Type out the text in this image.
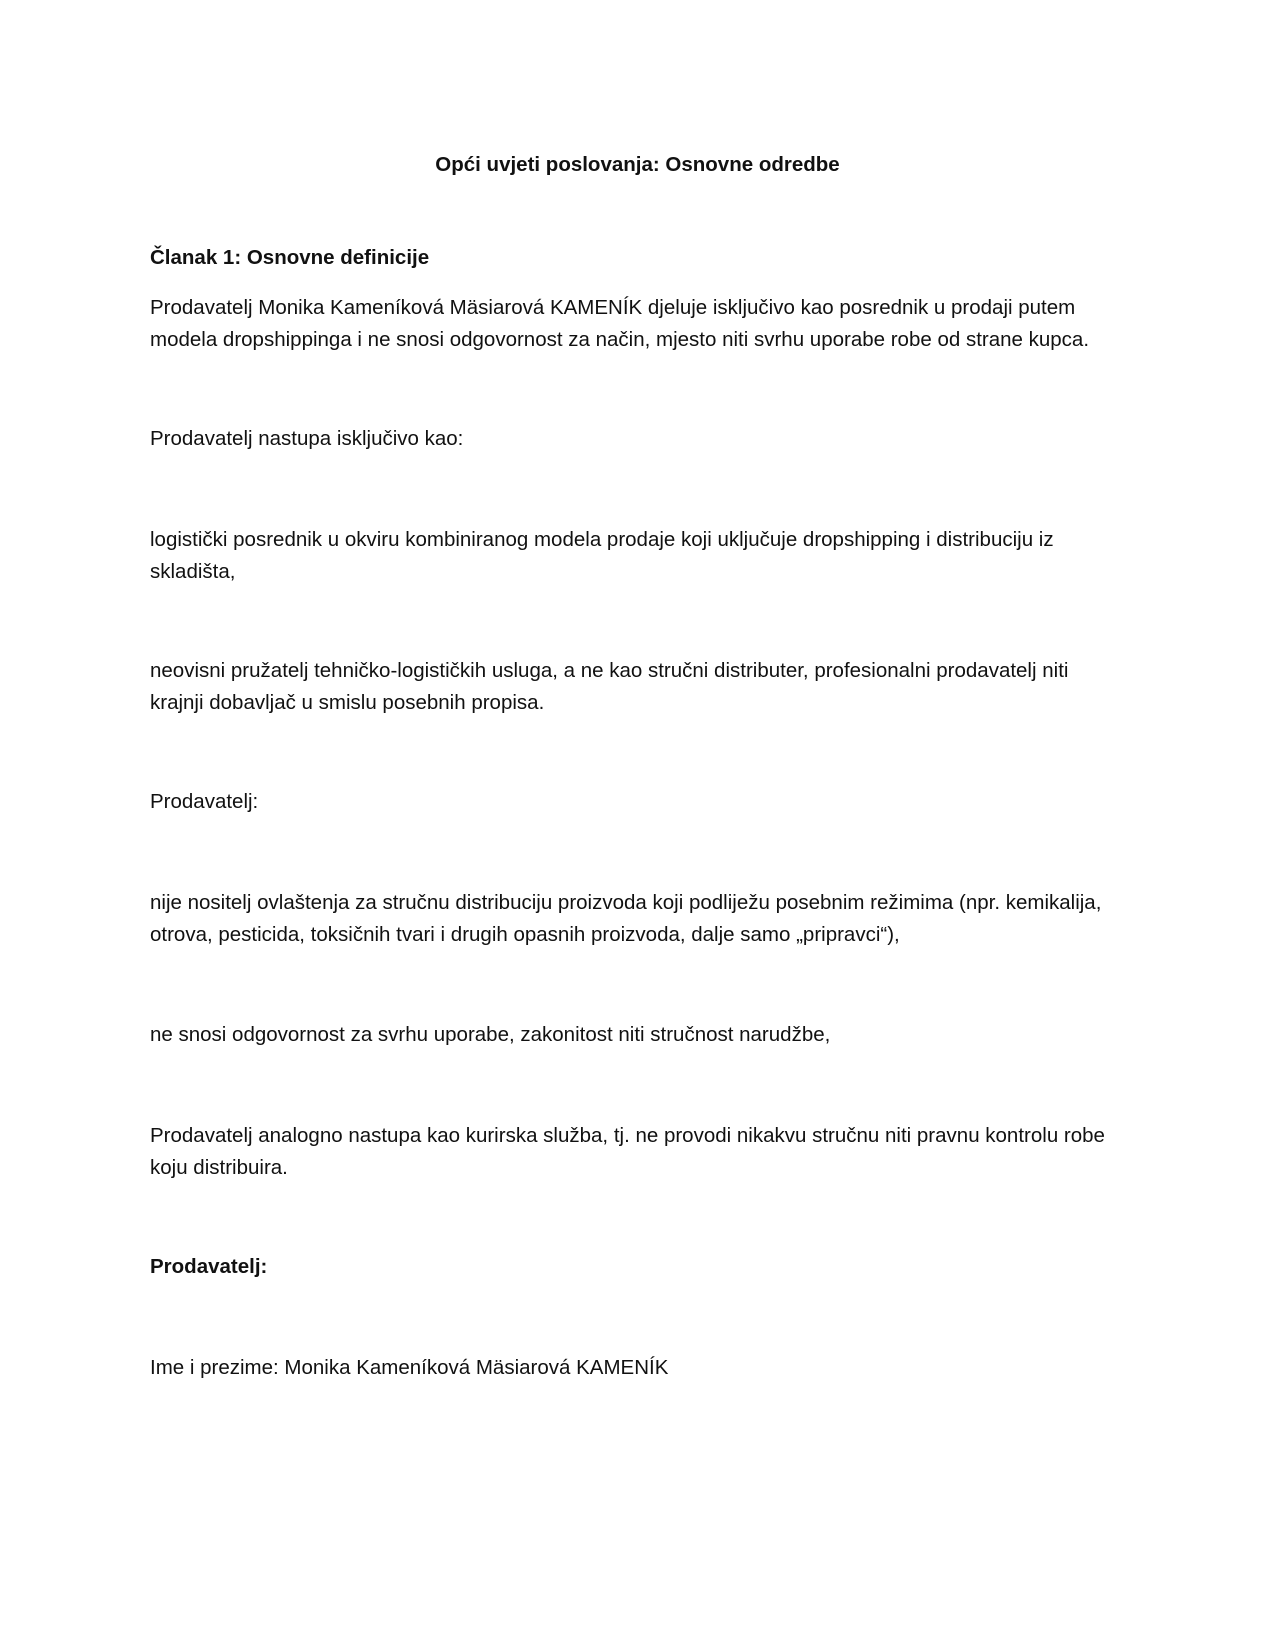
Opći uvjeti poslovanja: Osnovne odredbe

Članak 1: Osnovne definicije

Prodavatelj Monika Kameníková Mäsiarová KAMENÍK djeluje isključivo kao posrednik u prodaji putem modela dropshippinga i ne snosi odgovornost za način, mjesto niti svrhu uporabe robe od strane kupca.

Prodavatelj nastupa isključivo kao:

logistički posrednik u okviru kombiniranog modela prodaje koji uključuje dropshipping i distribuciju iz skladišta,

neovisni pružatelj tehničko-logističkih usluga, a ne kao stručni distributer, profesionalni prodavatelj niti krajnji dobavljač u smislu posebnih propisa.

Prodavatelj:

nije nositelj ovlaštenja za stručnu distribuciju proizvoda koji podliježu posebnim režimima (npr. kemikalija, otrova, pesticida, toksičnih tvari i drugih opasnih proizvoda, dalje samo „pripravci“),

ne snosi odgovornost za svrhu uporabe, zakonitost niti stručnost narudžbe,

Prodavatelj analogno nastupa kao kurirska služba, tj. ne provodi nikakvu stručnu niti pravnu kontrolu robe koju distribuira.

Prodavatelj:

Ime i prezime: Monika Kameníková Mäsiarová KAMENÍK
